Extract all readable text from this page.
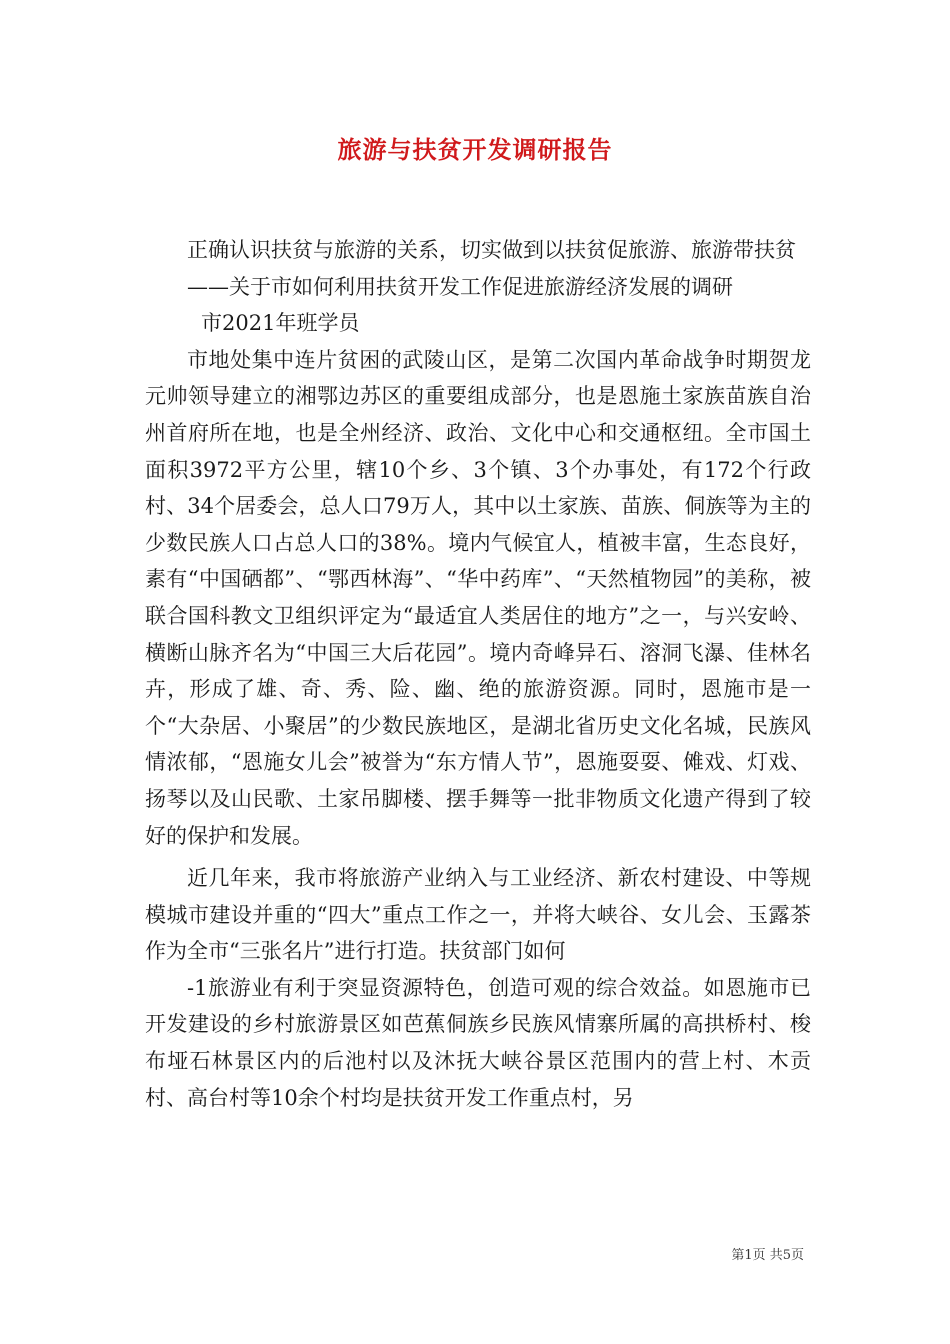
旅游与扶贫开发调研报告

正确认识扶贫与旅游的关系，切实做到以扶贫促旅游、旅游带扶贫

——关于市如何利用扶贫开发工作促进旅游经济发展的调研

市2021年班学员

市地处集中连片贫困的武陵山区，是第二次国内革命战争时期贺龙元帅领导建立的湘鄂边苏区的重要组成部分，也是恩施土家族苗族自治州首府所在地，也是全州经济、政治、文化中心和交通枢纽。全市国土面积3972平方公里，辖10个乡、3个镇、3个办事处，有172个行政村、34个居委会，总人口79万人，其中以土家族、苗族、侗族等为主的少数民族人口占总人口的38%。境内气候宜人，植被丰富，生态良好，素有“中国硒都”、“鄂西林海”、“华中药库”、“天然植物园”的美称，被联合国科教文卫组织评定为“最适宜人类居住的地方”之一，与兴安岭、横断山脉齐名为“中国三大后花园”。境内奇峰异石、溶洞飞瀑、佳林名卉，形成了雄、奇、秀、险、幽、绝的旅游资源。同时，恩施市是一个“大杂居、小聚居”的少数民族地区，是湖北省历史文化名城，民族风情浓郁，“恩施女儿会”被誉为“东方情人节”，恩施耍耍、傩戏、灯戏、扬琴以及山民歌、土家吊脚楼、摆手舞等一批非物质文化遗产得到了较好的保护和发展。

近几年来，我市将旅游产业纳入与工业经济、新农村建设、中等规模城市建设并重的“四大”重点工作之一，并将大峡谷、女儿会、玉露茶作为全市“三张名片”进行打造。扶贫部门如何

-1旅游业有利于突显资源特色，创造可观的综合效益。如恩施市已开发建设的乡村旅游景区如芭蕉侗族乡民族风情寨所属的高拱桥村、梭布垭石林景区内的后池村以及沐抚大峡谷景区范围内的营上村、木贡村、高台村等10余个村均是扶贫开发工作重点村，另

第1页 共5页
